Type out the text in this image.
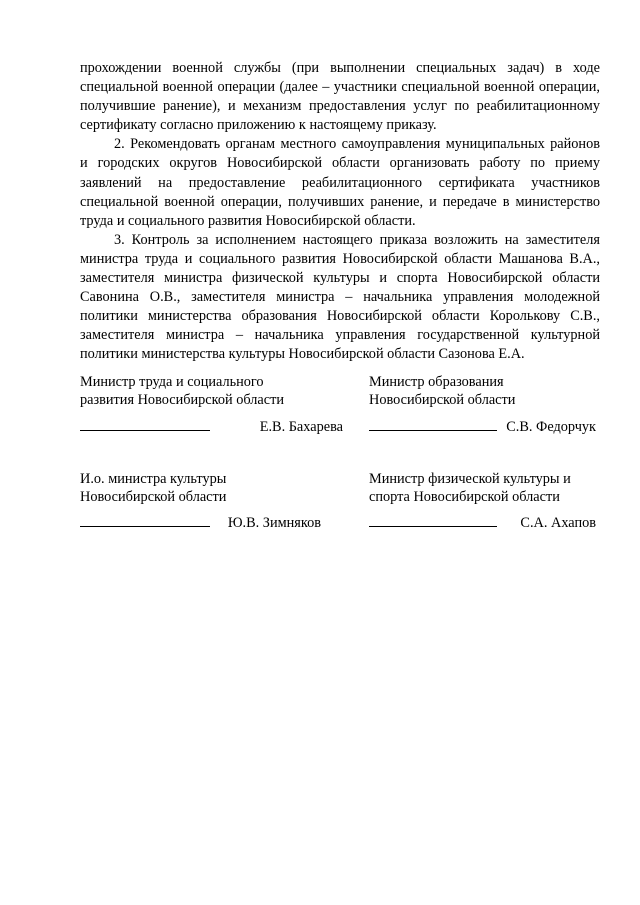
прохождении военной службы (при выполнении специальных задач) в ходе специальной военной операции (далее – участники специальной военной операции, получившие ранение), и механизм предоставления услуг по реабилитационному сертификату согласно приложению к настоящему приказу.

2. Рекомендовать органам местного самоуправления муниципальных районов и городских округов Новосибирской области организовать работу по приему заявлений на предоставление реабилитационного сертификата участников специальной военной операции, получивших ранение, и передаче в министерство труда и социального развития Новосибирской области.

3. Контроль за исполнением настоящего приказа возложить на заместителя министра труда и социального развития Новосибирской области Машанова В.А., заместителя министра физической культуры и спорта Новосибирской области Савонина О.В., заместителя министра – начальника управления молодежной политики министерства образования Новосибирской области Королькову С.В., заместителя министра – начальника управления государственной культурной политики министерства культуры Новосибирской области Сазонова Е.А.

Министр труда и социального
развития Новосибирской области
Е.В. Бахарева
Министр образования
Новосибирской области
С.В. Федорчук
И.о. министра культуры
Новосибирской области
Ю.В. Зимняков
Министр физической культуры и
спорта Новосибирской области
С.А. Ахапов
